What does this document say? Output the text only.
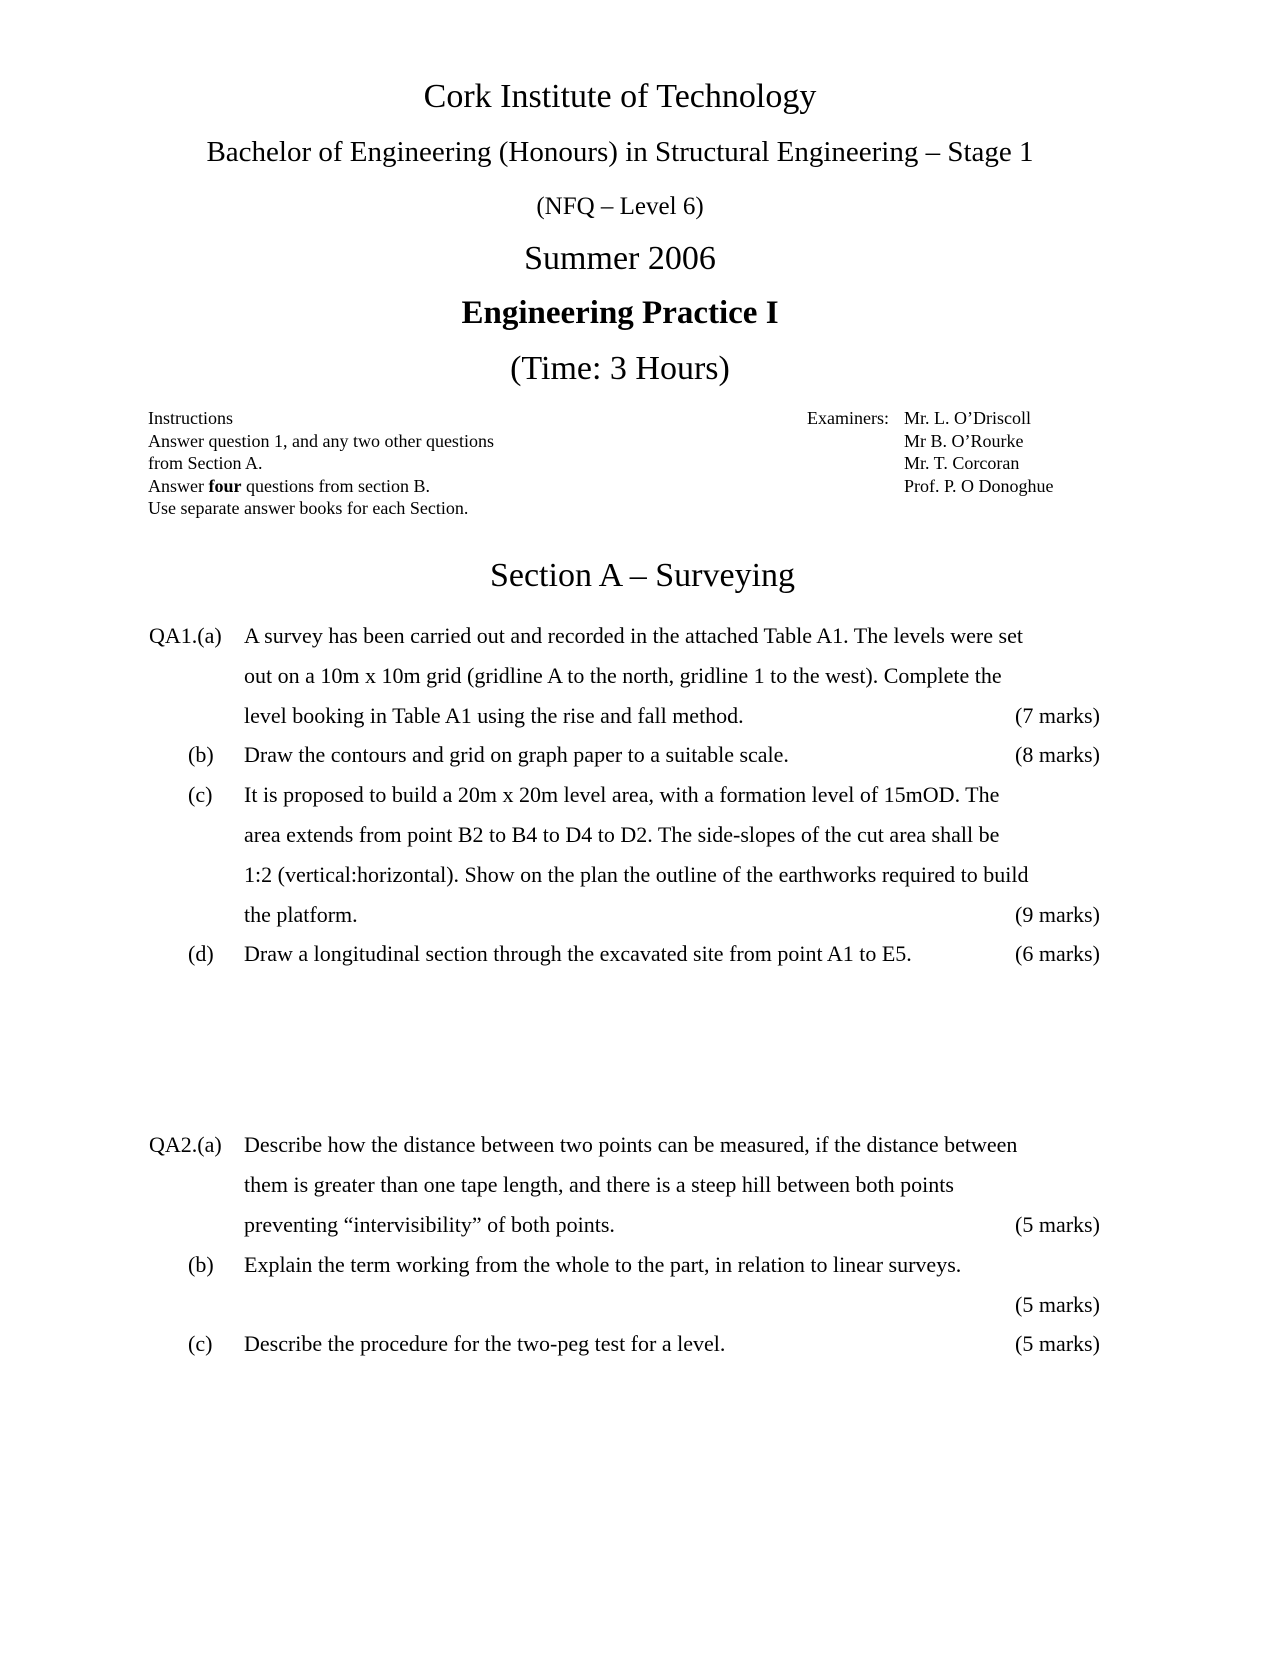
Cork Institute of Technology
Bachelor of Engineering (Honours) in Structural Engineering – Stage 1
(NFQ – Level 6)
Summer 2006
Engineering Practice I
(Time: 3 Hours)
Instructions
Answer question 1, and any two other questions
from Section A.
Answer four questions from section B.
Use separate answer books for each Section.
Examiners: Mr. L. O’Driscoll
Mr B. O’Rourke
Mr. T. Corcoran
Prof. P. O Donoghue
Section A – Surveying
QA1.(a) A survey has been carried out and recorded in the attached Table A1. The levels were set
out on a 10m x 10m grid (gridline A to the north, gridline 1 to the west). Complete the
level booking in Table A1 using the rise and fall method.	(7 marks)
(b) Draw the contours and grid on graph paper to a suitable scale.	(8 marks)
(c) It is proposed to build a 20m x 20m level area, with a formation level of 15mOD. The
area extends from point B2 to B4 to D4 to D2. The side-slopes of the cut area shall be
1:2 (vertical:horizontal). Show on the plan the outline of the earthworks required to build
the platform.	(9 marks)
(d) Draw a longitudinal section through the excavated site from point A1 to E5.	(6 marks)
QA2.(a) Describe how the distance between two points can be measured, if the distance between
them is greater than one tape length, and there is a steep hill between both points
preventing “intervisibility” of both points.	(5 marks)
(b) Explain the term working from the whole to the part, in relation to linear surveys.
(5 marks)
(c) Describe the procedure for the two-peg test for a level.	(5 marks)
